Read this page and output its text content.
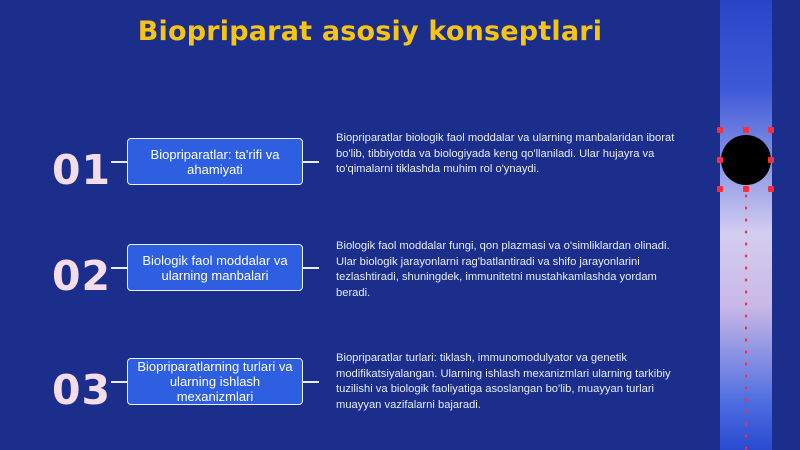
Biopriparat asosiy konseptlari
01	Biopriparatlar: ta'rifi va ahamiyati
Biopriparatlar biologik faol moddalar va ularning manbalaridan iborat bo'lib, tibbiyotda va biologiyada keng qo'llaniladi. Ular hujayra va to'qimalarni tiklashda muhim rol o'ynaydi.
02	Biologik faol moddalar va ularning manbalari
Biologik faol moddalar fungi, qon plazmasi va o'simliklardan olinadi. Ular biologik jarayonlarni rag'batlantiradi va shifo jarayonlarini tezlashtiradi, shuningdek, immunitetni mustahkamlashda yordam beradi.
03	Biopriparatlarning turlari va ularning ishlash mexanizmlari
Biopriparatlar turlari: tiklash, immunomodulyator va genetik modifikatsiyalangan. Ularning ishlash mexanizmlari ularning tarkibiy tuzilishi va biologik faoliyatiga asoslangan bo'lib, muayyan turlari muayyan vazifalarni bajaradi.
